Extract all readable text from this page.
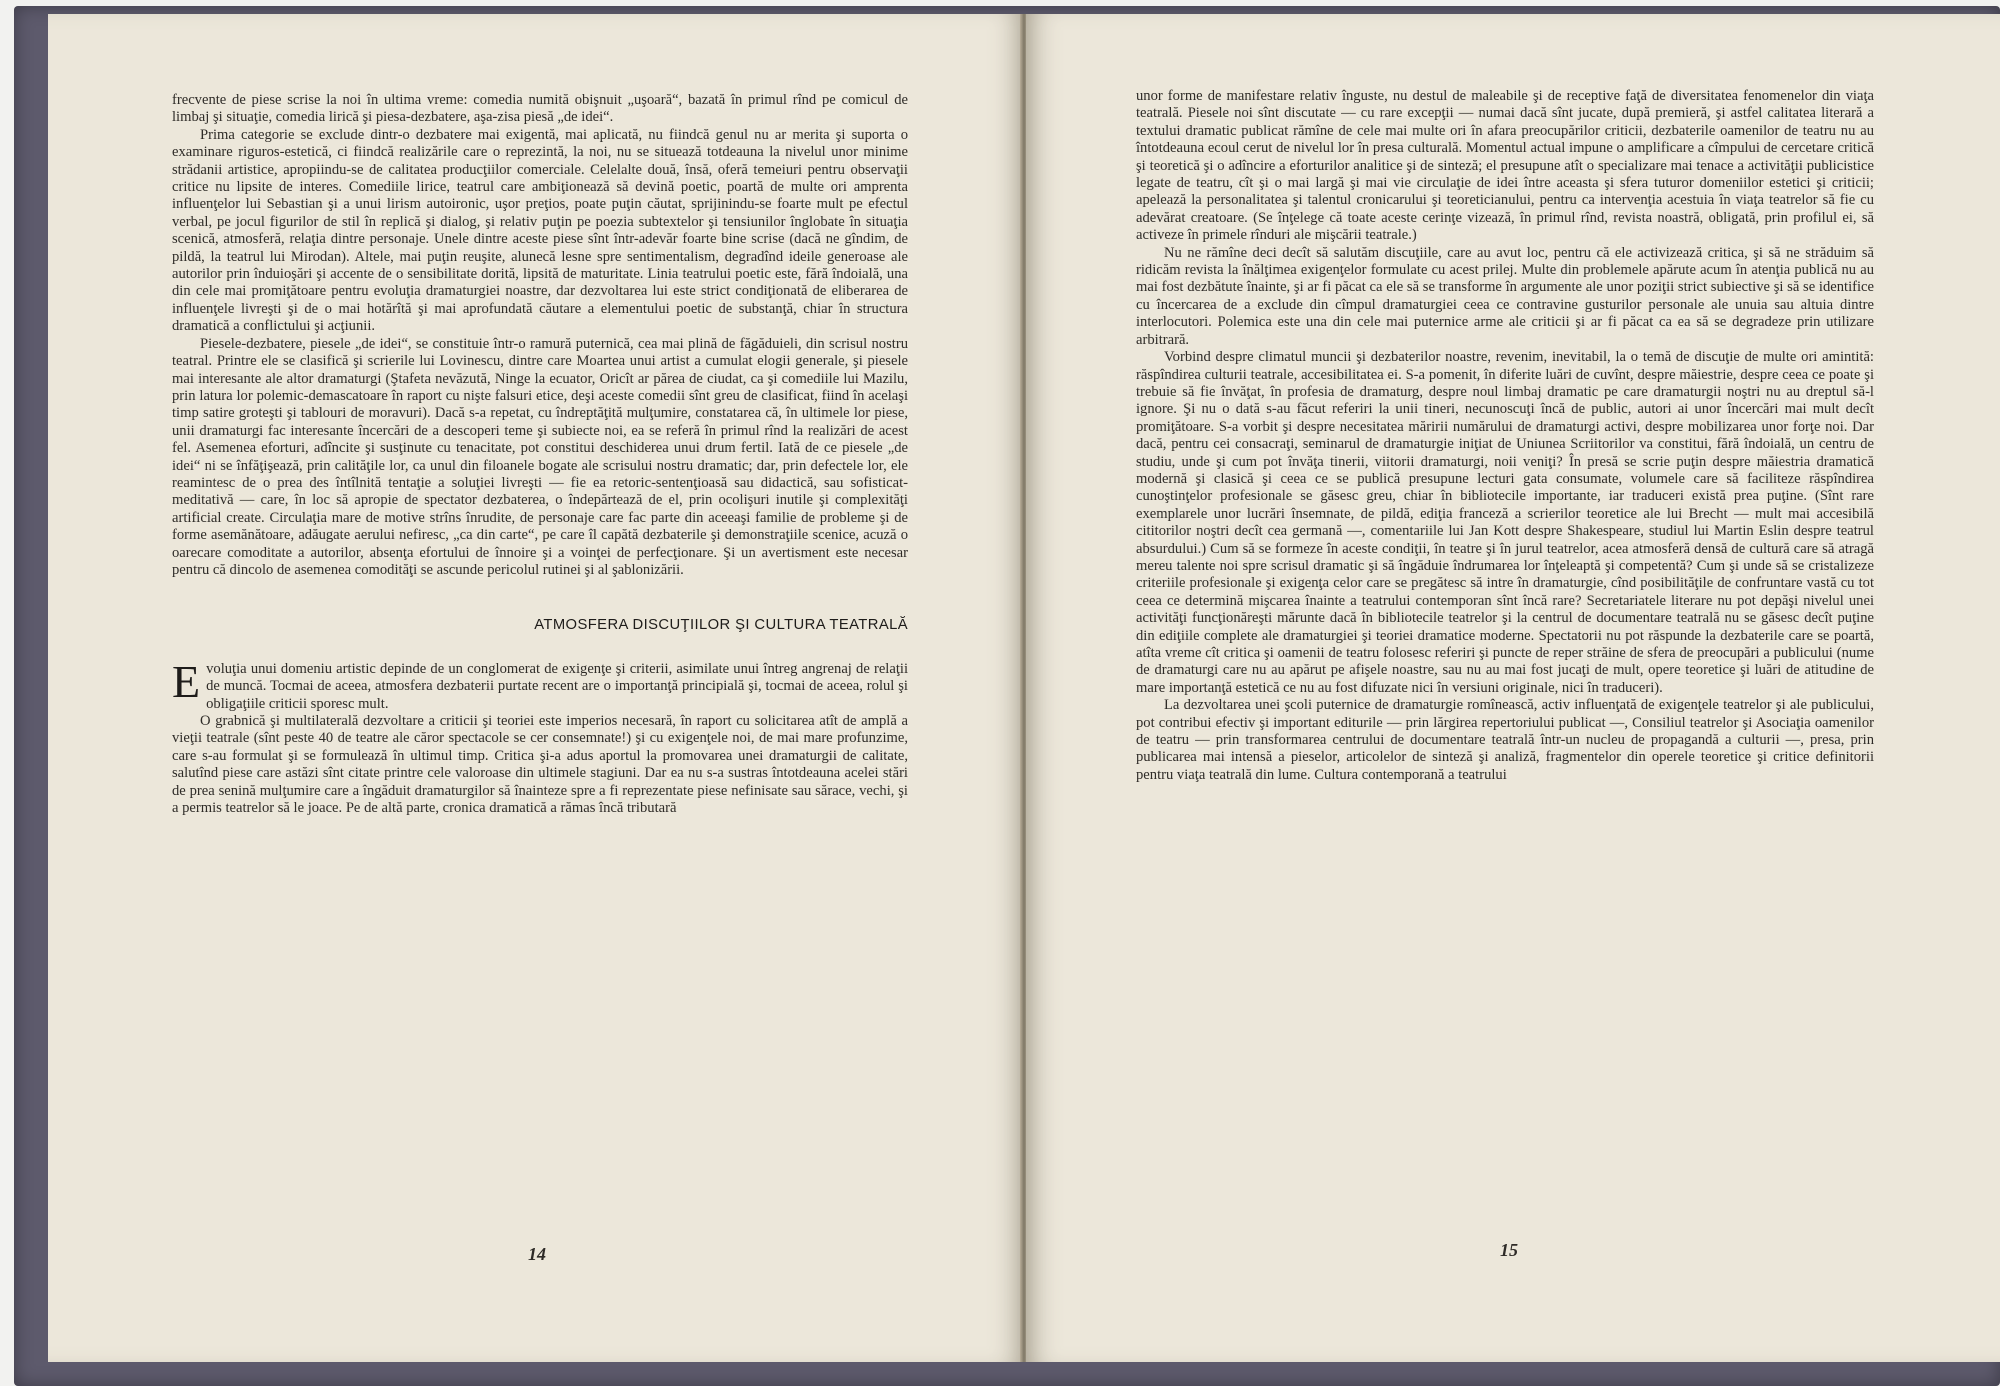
frecvente de piese scrise la noi în ultima vreme: comedia numită obişnuit „uşoară“, bazată în primul rînd pe comicul de limbaj şi situaţie, comedia lirică şi piesa-dezbatere, aşa-zisa piesă „de idei“.

Prima categorie se exclude dintr-o dezbatere mai exigentă, mai aplicată, nu fiindcă genul nu ar merita şi suporta o examinare riguros-estetică, ci fiindcă realizările care o reprezintă, la noi, nu se situează totdeauna la nivelul unor minime strădanii artistice, apropiindu-se de calitatea producţiilor comerciale. Celelalte două, însă, oferă temeiuri pentru observaţii critice nu lipsite de interes. Comediile lirice, teatrul care ambiţionează să devină poetic, poartă de multe ori amprenta influenţelor lui Sebastian şi a unui lirism autoironic, uşor preţios, poate puţin căutat, sprijinindu-se foarte mult pe efectul verbal, pe jocul figurilor de stil în replică şi dialog, şi relativ puţin pe poezia subtextelor şi tensiunilor înglobate în situaţia scenică, atmosferă, relaţia dintre personaje. Unele dintre aceste piese sînt într-adevăr foarte bine scrise (dacă ne gîndim, de pildă, la teatrul lui Mirodan). Altele, mai puţin reuşite, alunecă lesne spre sentimentalism, degradînd ideile generoase ale autorilor prin înduioşări şi accente de o sensibilitate dorită, lipsită de maturitate. Linia teatrului poetic este, fără îndoială, una din cele mai promiţătoare pentru evoluţia dramaturgiei noastre, dar dezvoltarea lui este strict condiţionată de eliberarea de influenţele livreşti şi de o mai hotărîtă şi mai aprofundată căutare a elementului poetic de substanţă, chiar în structura dramatică a conflictului şi acţiunii.

Piesele-dezbatere, piesele „de idei“, se constituie într-o ramură puternică, cea mai plină de făgăduieli, din scrisul nostru teatral. Printre ele se clasifică şi scrierile lui Lovinescu, dintre care Moartea unui artist a cumulat elogii generale, şi piesele mai interesante ale altor dramaturgi (Ştafeta nevăzută, Ninge la ecuator, Oricît ar părea de ciudat, ca şi comediile lui Mazilu, prin latura lor polemic-demascatoare în raport cu nişte falsuri etice, deşi aceste comedii sînt greu de clasificat, fiind în acelaşi timp satire groteşti şi tablouri de moravuri). Dacă s-a repetat, cu îndreptăţită mulţumire, constatarea că, în ultimele lor piese, unii dramaturgi fac interesante încercări de a descoperi teme şi subiecte noi, ea se referă în primul rînd la realizări de acest fel. Asemenea eforturi, adîncite şi susţinute cu tenacitate, pot constitui deschiderea unui drum fertil. Iată de ce piesele „de idei“ ni se înfăţişează, prin calităţile lor, ca unul din filoanele bogate ale scrisului nostru dramatic; dar, prin defectele lor, ele reamintesc de o prea des întîlnită tentaţie a soluţiei livreşti — fie ea retoric-sentenţioasă sau didactică, sau sofisticat-meditativă — care, în loc să apropie de spectator dezbaterea, o îndepărtează de el, prin ocolişuri inutile şi complexităţi artificial create. Circulaţia mare de motive strîns înrudite, de personaje care fac parte din aceeaşi familie de probleme şi de forme asemănătoare, adăugate aerului nefiresc, „ca din carte“, pe care îl capătă dezbaterile şi demonstraţiile scenice, acuză o oarecare comoditate a autorilor, absenţa efortului de înnoire şi a voinţei de perfecţionare. Şi un avertisment este necesar pentru că dincolo de asemenea comodităţi se ascunde pericolul rutinei şi al şablonizării.

ATMOSFERA DISCUŢIILOR ŞI CULTURA TEATRALĂ

Evoluţia unui domeniu artistic depinde de un conglomerat de exigenţe şi criterii, asimilate unui întreg angrenaj de relaţii de muncă. Tocmai de aceea, atmosfera dezbaterii purtate recent are o importanţă principială şi, tocmai de aceea, rolul şi obligaţiile criticii sporesc mult.

O grabnică şi multilaterală dezvoltare a criticii şi teoriei este imperios necesară, în raport cu solicitarea atît de amplă a vieţii teatrale (sînt peste 40 de teatre ale căror spectacole se cer consemnate!) şi cu exigenţele noi, de mai mare profunzime, care s-au formulat şi se formulează în ultimul timp. Critica şi-a adus aportul la promovarea unei dramaturgii de calitate, salutînd piese care astăzi sînt citate printre cele valoroase din ultimele stagiuni. Dar ea nu s-a sustras întotdeauna acelei stări de prea senină mulţumire care a îngăduit dramaturgilor să înainteze spre a fi reprezentate piese nefinisate sau sărace, vechi, şi a permis teatrelor să le joace. Pe de altă parte, cronica dramatică a rămas încă tributară

14

unor forme de manifestare relativ înguste, nu destul de maleabile şi de receptive faţă de diversitatea fenomenelor din viaţa teatrală. Piesele noi sînt discutate — cu rare excepţii — numai dacă sînt jucate, după premieră, şi astfel calitatea literară a textului dramatic publicat rămîne de cele mai multe ori în afara preocupărilor criticii, dezbaterile oamenilor de teatru nu au întotdeauna ecoul cerut de nivelul lor în presa culturală. Momentul actual impune o amplificare a cîmpului de cercetare critică şi teoretică şi o adîncire a eforturilor analitice şi de sinteză; el presupune atît o specializare mai tenace a activităţii publicistice legate de teatru, cît şi o mai largă şi mai vie circulaţie de idei între aceasta şi sfera tuturor domeniilor estetici şi criticii; apelează la personalitatea şi talentul cronicarului şi teoreticianului, pentru ca intervenţia acestuia în viaţa teatrelor să fie cu adevărat creatoare. (Se înţelege că toate aceste cerinţe vizează, în primul rînd, revista noastră, obligată, prin profilul ei, să activeze în primele rînduri ale mişcării teatrale.)

Nu ne rămîne deci decît să salutăm discuţiile, care au avut loc, pentru că ele activizează critica, şi să ne străduim să ridicăm revista la înălţimea exigenţelor formulate cu acest prilej. Multe din problemele apărute acum în atenţia publică nu au mai fost dezbătute înainte, şi ar fi păcat ca ele să se transforme în argumente ale unor poziţii strict subiective şi să se identifice cu încercarea de a exclude din cîmpul dramaturgiei ceea ce contravine gusturilor personale ale unuia sau altuia dintre interlocutori. Polemica este una din cele mai puternice arme ale criticii şi ar fi păcat ca ea să se degradeze prin utilizare arbitrară.

Vorbind despre climatul muncii şi dezbaterilor noastre, revenim, inevitabil, la o temă de discuţie de multe ori amintită: răspîndirea culturii teatrale, accesibilitatea ei. S-a pomenit, în diferite luări de cuvînt, despre măiestrie, despre ceea ce poate şi trebuie să fie învăţat, în profesia de dramaturg, despre noul limbaj dramatic pe care dramaturgii noştri nu au dreptul să-l ignore. Şi nu o dată s-au făcut referiri la unii tineri, necunoscuţi încă de public, autori ai unor încercări mai mult decît promiţătoare. S-a vorbit şi despre necesitatea măririi numărului de dramaturgi activi, despre mobilizarea unor forţe noi. Dar dacă, pentru cei consacraţi, seminarul de dramaturgie iniţiat de Uniunea Scriitorilor va constitui, fără îndoială, un centru de studiu, unde şi cum pot învăţa tinerii, viitorii dramaturgi, noii veniţi? În presă se scrie puţin despre măiestria dramatică modernă şi clasică şi ceea ce se publică presupune lecturi gata consumate, volumele care să faciliteze răspîndirea cunoştinţelor profesionale se găsesc greu, chiar în bibliotecile importante, iar traduceri există prea puţine. (Sînt rare exemplarele unor lucrări însemnate, de pildă, ediţia franceză a scrierilor teoretice ale lui Brecht — mult mai accesibilă cititorilor noştri decît cea germană —, comentariile lui Jan Kott despre Shakespeare, studiul lui Martin Eslin despre teatrul absurdului.) Cum să se formeze în aceste condiţii, în teatre şi în jurul teatrelor, acea atmosferă densă de cultură care să atragă mereu talente noi spre scrisul dramatic şi să îngăduie îndrumarea lor înţeleaptă şi competentă? Cum şi unde să se cristalizeze criteriile profesionale şi exigenţa celor care se pregătesc să intre în dramaturgie, cînd posibilităţile de confruntare vastă cu tot ceea ce determină mişcarea înainte a teatrului contemporan sînt încă rare? Secretariatele literare nu pot depăşi nivelul unei activităţi funcţionăreşti mărunte dacă în bibliotecile teatrelor şi la centrul de documentare teatrală nu se găsesc decît puţine din ediţiile complete ale dramaturgiei şi teoriei dramatice moderne. Spectatorii nu pot răspunde la dezbaterile care se poartă, atîta vreme cît critica şi oamenii de teatru folosesc referiri şi puncte de reper străine de sfera de preocupări a publicului (nume de dramaturgi care nu au apărut pe afişele noastre, sau nu au mai fost jucaţi de mult, opere teoretice şi luări de atitudine de mare importanţă estetică ce nu au fost difuzate nici în versiuni originale, nici în traduceri).

La dezvoltarea unei şcoli puternice de dramaturgie romînească, activ influenţată de exigenţele teatrelor şi ale publicului, pot contribui efectiv şi important editurile — prin lărgirea repertoriului publicat —, Consiliul teatrelor şi Asociaţia oamenilor de teatru — prin transformarea centrului de documentare teatrală într-un nucleu de propagandă a culturii —, presa, prin publicarea mai intensă a pieselor, articolelor de sinteză şi analiză, fragmentelor din operele teoretice şi critice definitorii pentru viaţa teatrală din lume. Cultura contemporană a teatrului

15
